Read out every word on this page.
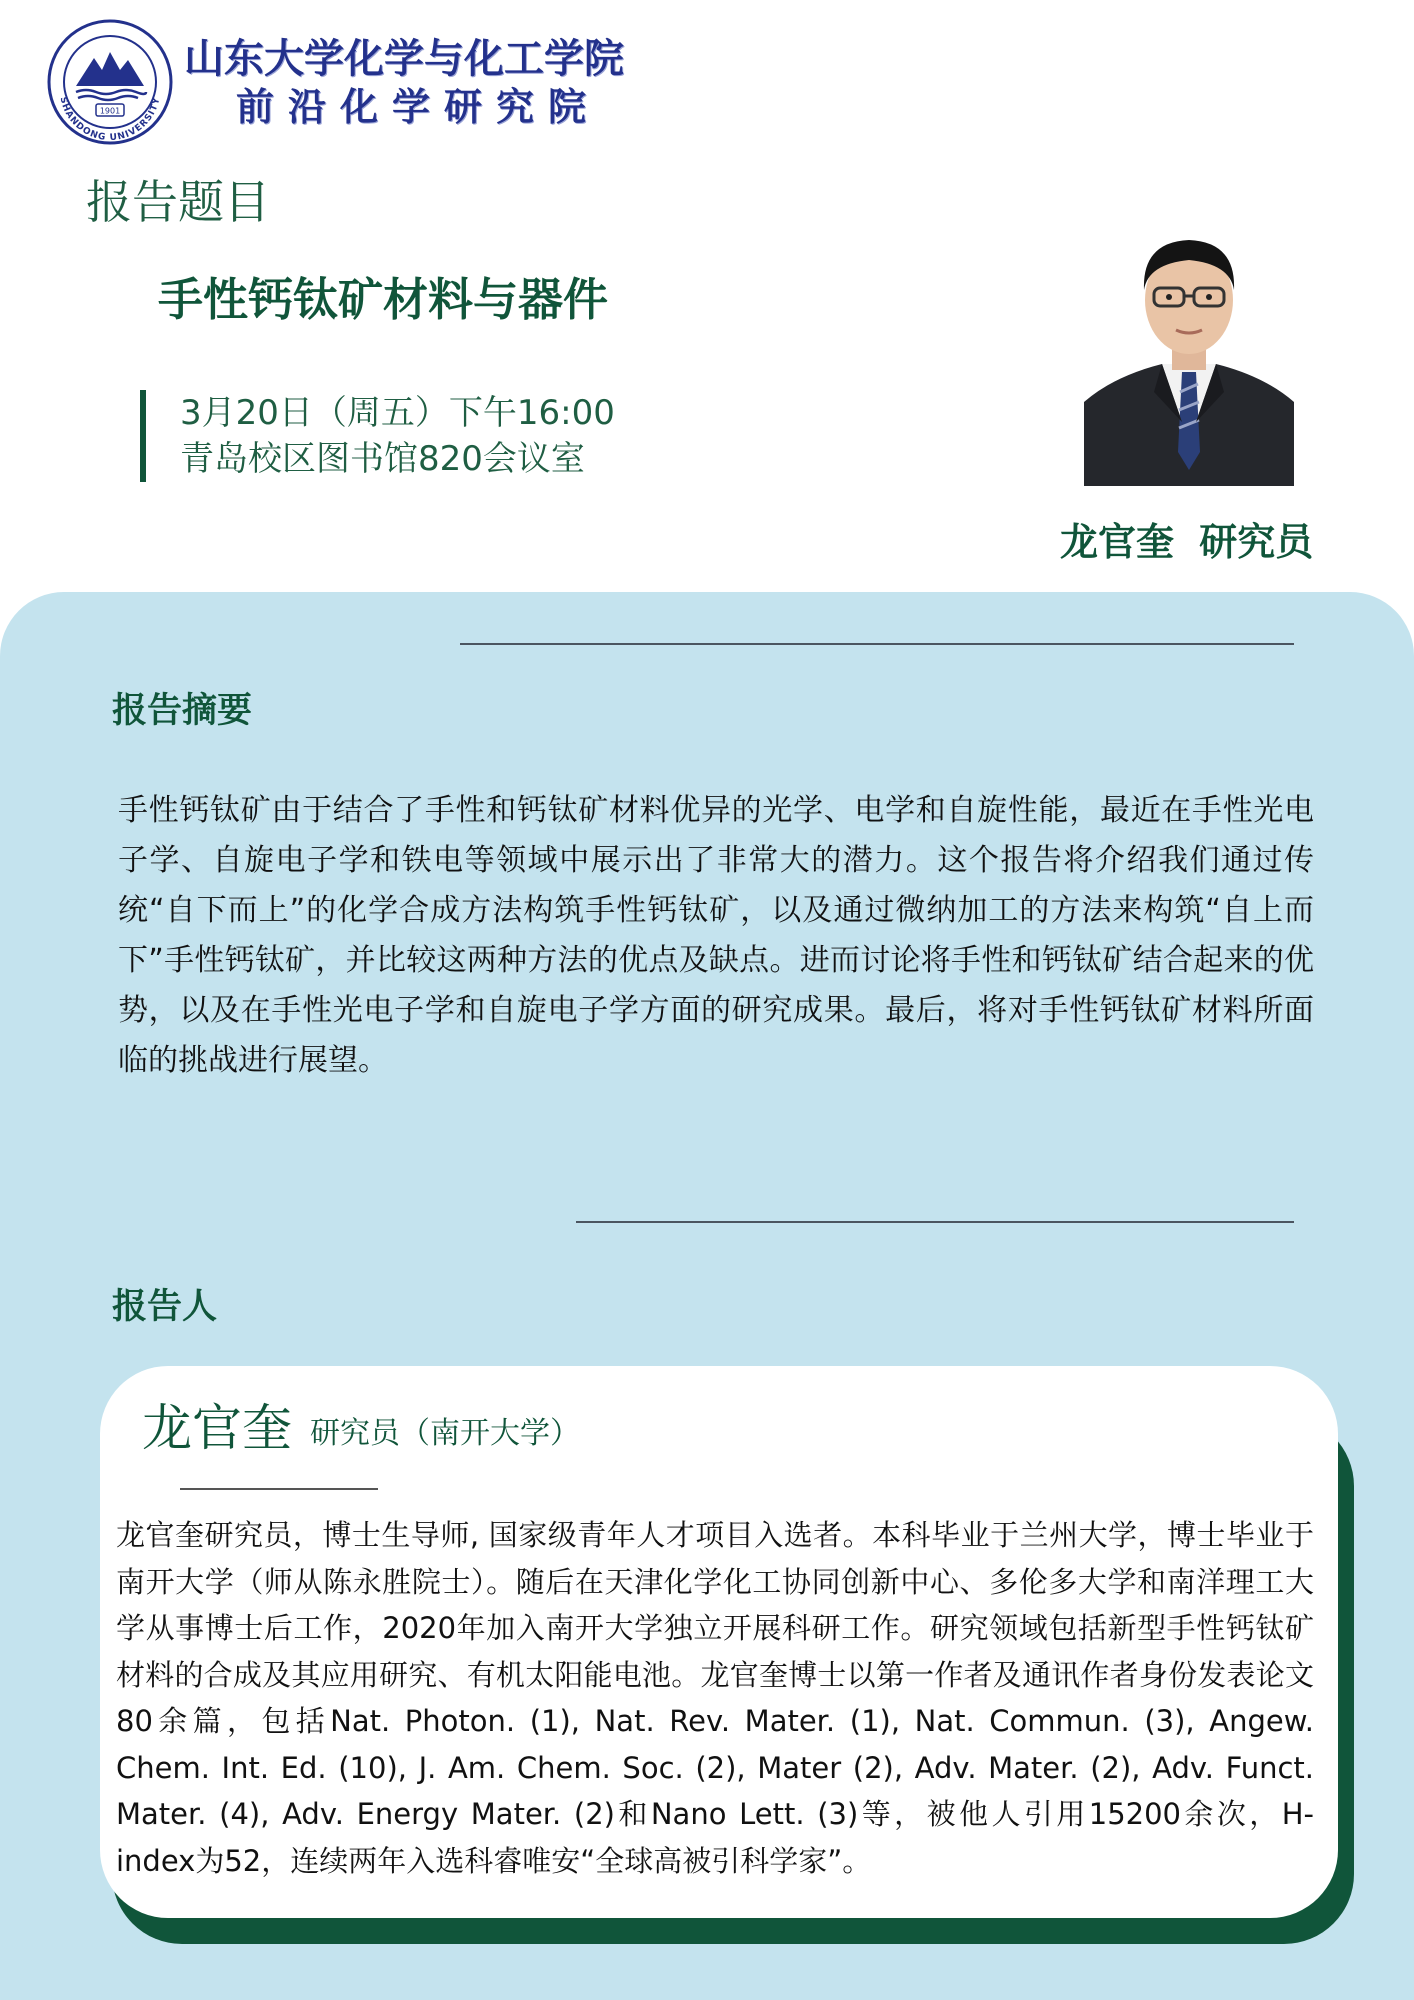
SHANDONG UNIVERSITY
1901
山东大学化学与化工学院
前沿化学研究院
报告题目
手性钙钛矿材料与器件
3月20日（周五）下午16:00
青岛校区图书馆820会议室
龙官奎 研究员
报告摘要
手性钙钛矿由于结合了手性和钙钛矿材料优异的光学、电学和自旋性能，最近在手性光电子学、自旋电子学和铁电等领域中展示出了非常大的潜力。这个报告将介绍我们通过传统“自下而上”的化学合成方法构筑手性钙钛矿，以及通过微纳加工的方法来构筑“自上而下”手性钙钛矿，并比较这两种方法的优点及缺点。进而讨论将手性和钙钛矿结合起来的优势，以及在手性光电子学和自旋电子学方面的研究成果。最后，将对手性钙钛矿材料所面临的挑战进行展望。
报告人
龙官奎 研究员（南开大学）
龙官奎研究员，博士生导师, 国家级青年人才项目入选者。本科毕业于兰州大学，博士毕业于南开大学（师从陈永胜院士）。随后在天津化学化工协同创新中心、多伦多大学和南洋理工大学从事博士后工作，2020年加入南开大学独立开展科研工作。研究领域包括新型手性钙钛矿材料的合成及其应用研究、有机太阳能电池。龙官奎博士以第一作者及通讯作者身份发表论文80余篇，包括Nat. Photon. (1), Nat. Rev. Mater. (1), Nat. Commun. (3), Angew. Chem. Int. Ed. (10), J. Am. Chem. Soc. (2), Mater (2), Adv. Mater. (2), Adv. Funct. Mater. (4), Adv. Energy Mater. (2)和Nano Lett. (3)等，被他人引用15200余次，H-index为52，连续两年入选科睿唯安“全球高被引科学家”。
